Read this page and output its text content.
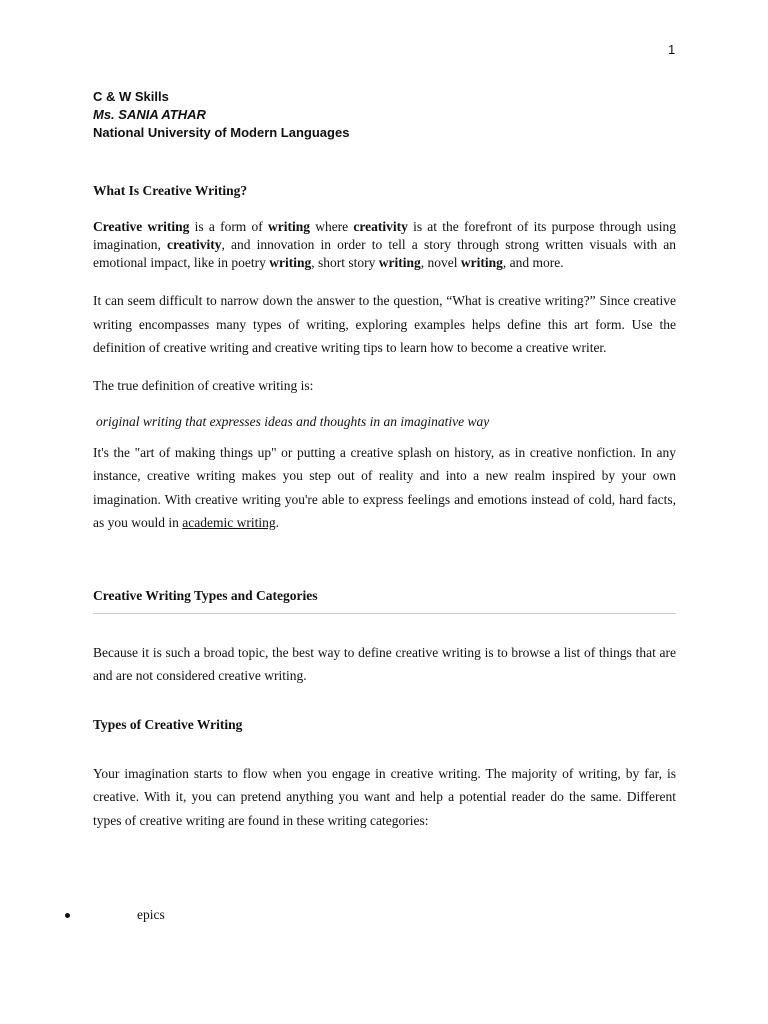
1
C & W Skills
Ms. SANIA ATHAR
National University of Modern Languages
What Is Creative Writing?

Creative writing is a form of writing where creativity is at the forefront of its purpose through using imagination, creativity, and innovation in order to tell a story through strong written visuals with an emotional impact, like in poetry writing, short story writing, novel writing, and more.

It can seem difficult to narrow down the answer to the question, “What is creative writing?” Since creative writing encompasses many types of writing, exploring examples helps define this art form. Use the definition of creative writing and creative writing tips to learn how to become a creative writer.

The true definition of creative writing is:

original writing that expresses ideas and thoughts in an imaginative way

It's the "art of making things up" or putting a creative splash on history, as in creative nonfiction. In any instance, creative writing makes you step out of reality and into a new realm inspired by your own imagination. With creative writing you're able to express feelings and emotions instead of cold, hard facts, as you would in academic writing.

Creative Writing Types and Categories

Because it is such a broad topic, the best way to define creative writing is to browse a list of things that are and are not considered creative writing.

Types of Creative Writing

Your imagination starts to flow when you engage in creative writing. The majority of writing, by far, is creative. With it, you can pretend anything you want and help a potential reader do the same. Different types of creative writing are found in these writing categories:

epics
